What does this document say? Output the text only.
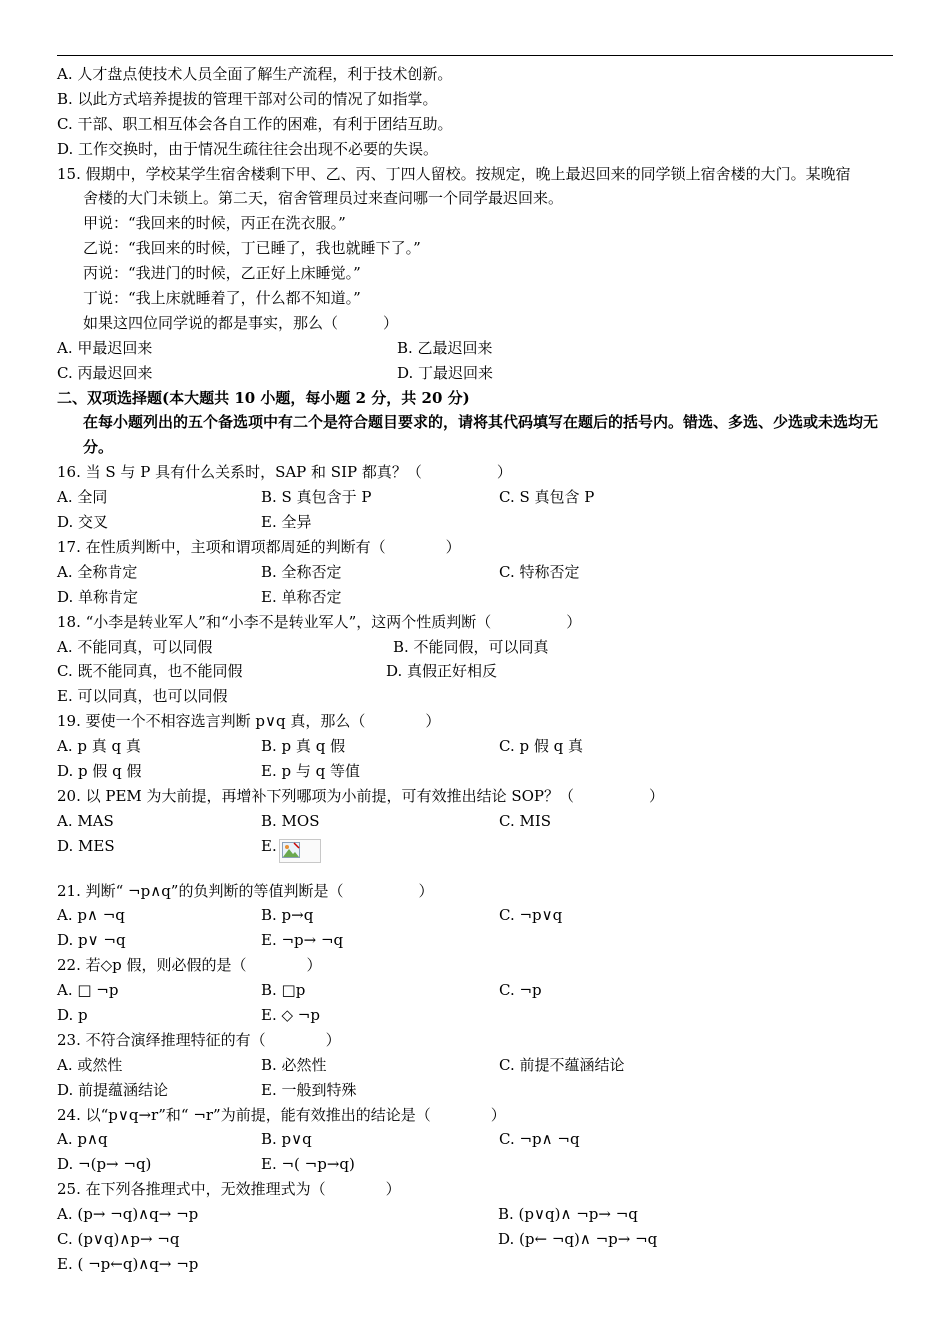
A. 人才盘点使技术人员全面了解生产流程，利于技术创新。
B. 以此方式培养提拔的管理干部对公司的情况了如指掌。
C. 干部、职工相互体会各自工作的困难，有利于团结互助。
D. 工作交换时，由于情况生疏往往会出现不必要的失误。
15. 假期中，学校某学生宿舍楼剩下甲、乙、丙、丁四人留校。按规定，晚上最迟回来的同学锁上宿舍楼的大门。某晚宿
舍楼的大门未锁上。第二天，宿舍管理员过来查问哪一个同学最迟回来。
甲说：“我回来的时候，丙正在洗衣服。”
乙说：“我回来的时候，丁已睡了，我也就睡下了。”
丙说：“我进门的时候，乙正好上床睡觉。”
丁说：“我上床就睡着了，什么都不知道。”
如果这四位同学说的都是事实，那么（　　　）
A. 甲最迟回来	B. 乙最迟回来
C. 丙最迟回来	D. 丁最迟回来
二、双项选择题(本大题共 10 小题，每小题 2 分，共 20 分)
在每小题列出的五个备选项中有二个是符合题目要求的，请将其代码填写在题后的括号内。错选、多选、少选或未选均无分。
16. 当 S 与 P 具有什么关系时，SAP 和 SIP 都真？（　　　　　）
A. 全同	B. S 真包含于 P	C. S 真包含 P
D. 交叉	E. 全异
17. 在性质判断中，主项和谓项都周延的判断有（　　　　）
A. 全称肯定	B. 全称否定	C. 特称否定
D. 单称肯定	E. 单称否定
18. “小李是转业军人”和“小李不是转业军人”，这两个性质判断（　　　　　）
A. 不能同真，可以同假	B. 不能同假，可以同真
C. 既不能同真，也不能同假	D. 真假正好相反
E. 可以同真，也可以同假
19. 要使一个不相容选言判断 p∨q 真，那么（　　　　）
A. p 真 q 真	B. p 真 q 假	C. p 假 q 真
D. p 假 q 假	E. p 与 q 等值
20. 以 PEM 为大前提，再增补下列哪项为小前提，可有效推出结论 SOP？（　　　　　）
A. MAS	B. MOS	C. MIS
D. MES	E.
21. 判断“ ¬p∧q”的负判断的等值判断是（　　　　　）
A. p∧ ¬q	B. p→q	C. ¬p∨q
D. p∨ ¬q	E. ¬p→ ¬q
22. 若◇p 假，则必假的是（　　　　）
A. □ ¬p	B. □p	C. ¬p
D. p	E. ◇ ¬p
23. 不符合演绎推理特征的有（　　　　）
A. 或然性	B. 必然性	C. 前提不蕴涵结论
D. 前提蕴涵结论	E. 一般到特殊
24. 以“p∨q→r”和“ ¬r”为前提，能有效推出的结论是（　　　　）
A. p∧q	B. p∨q	C. ¬p∧ ¬q
D. ¬(p→ ¬q)	E. ¬( ¬p→q)
25. 在下列各推理式中，无效推理式为（　　　　）
A. (p→ ¬q)∧q→ ¬p	B. (p∨q)∧ ¬p→ ¬q
C. (p∨q)∧p→ ¬q	D. (p← ¬q)∧ ¬p→ ¬q
E. ( ¬p←q)∧q→ ¬p
